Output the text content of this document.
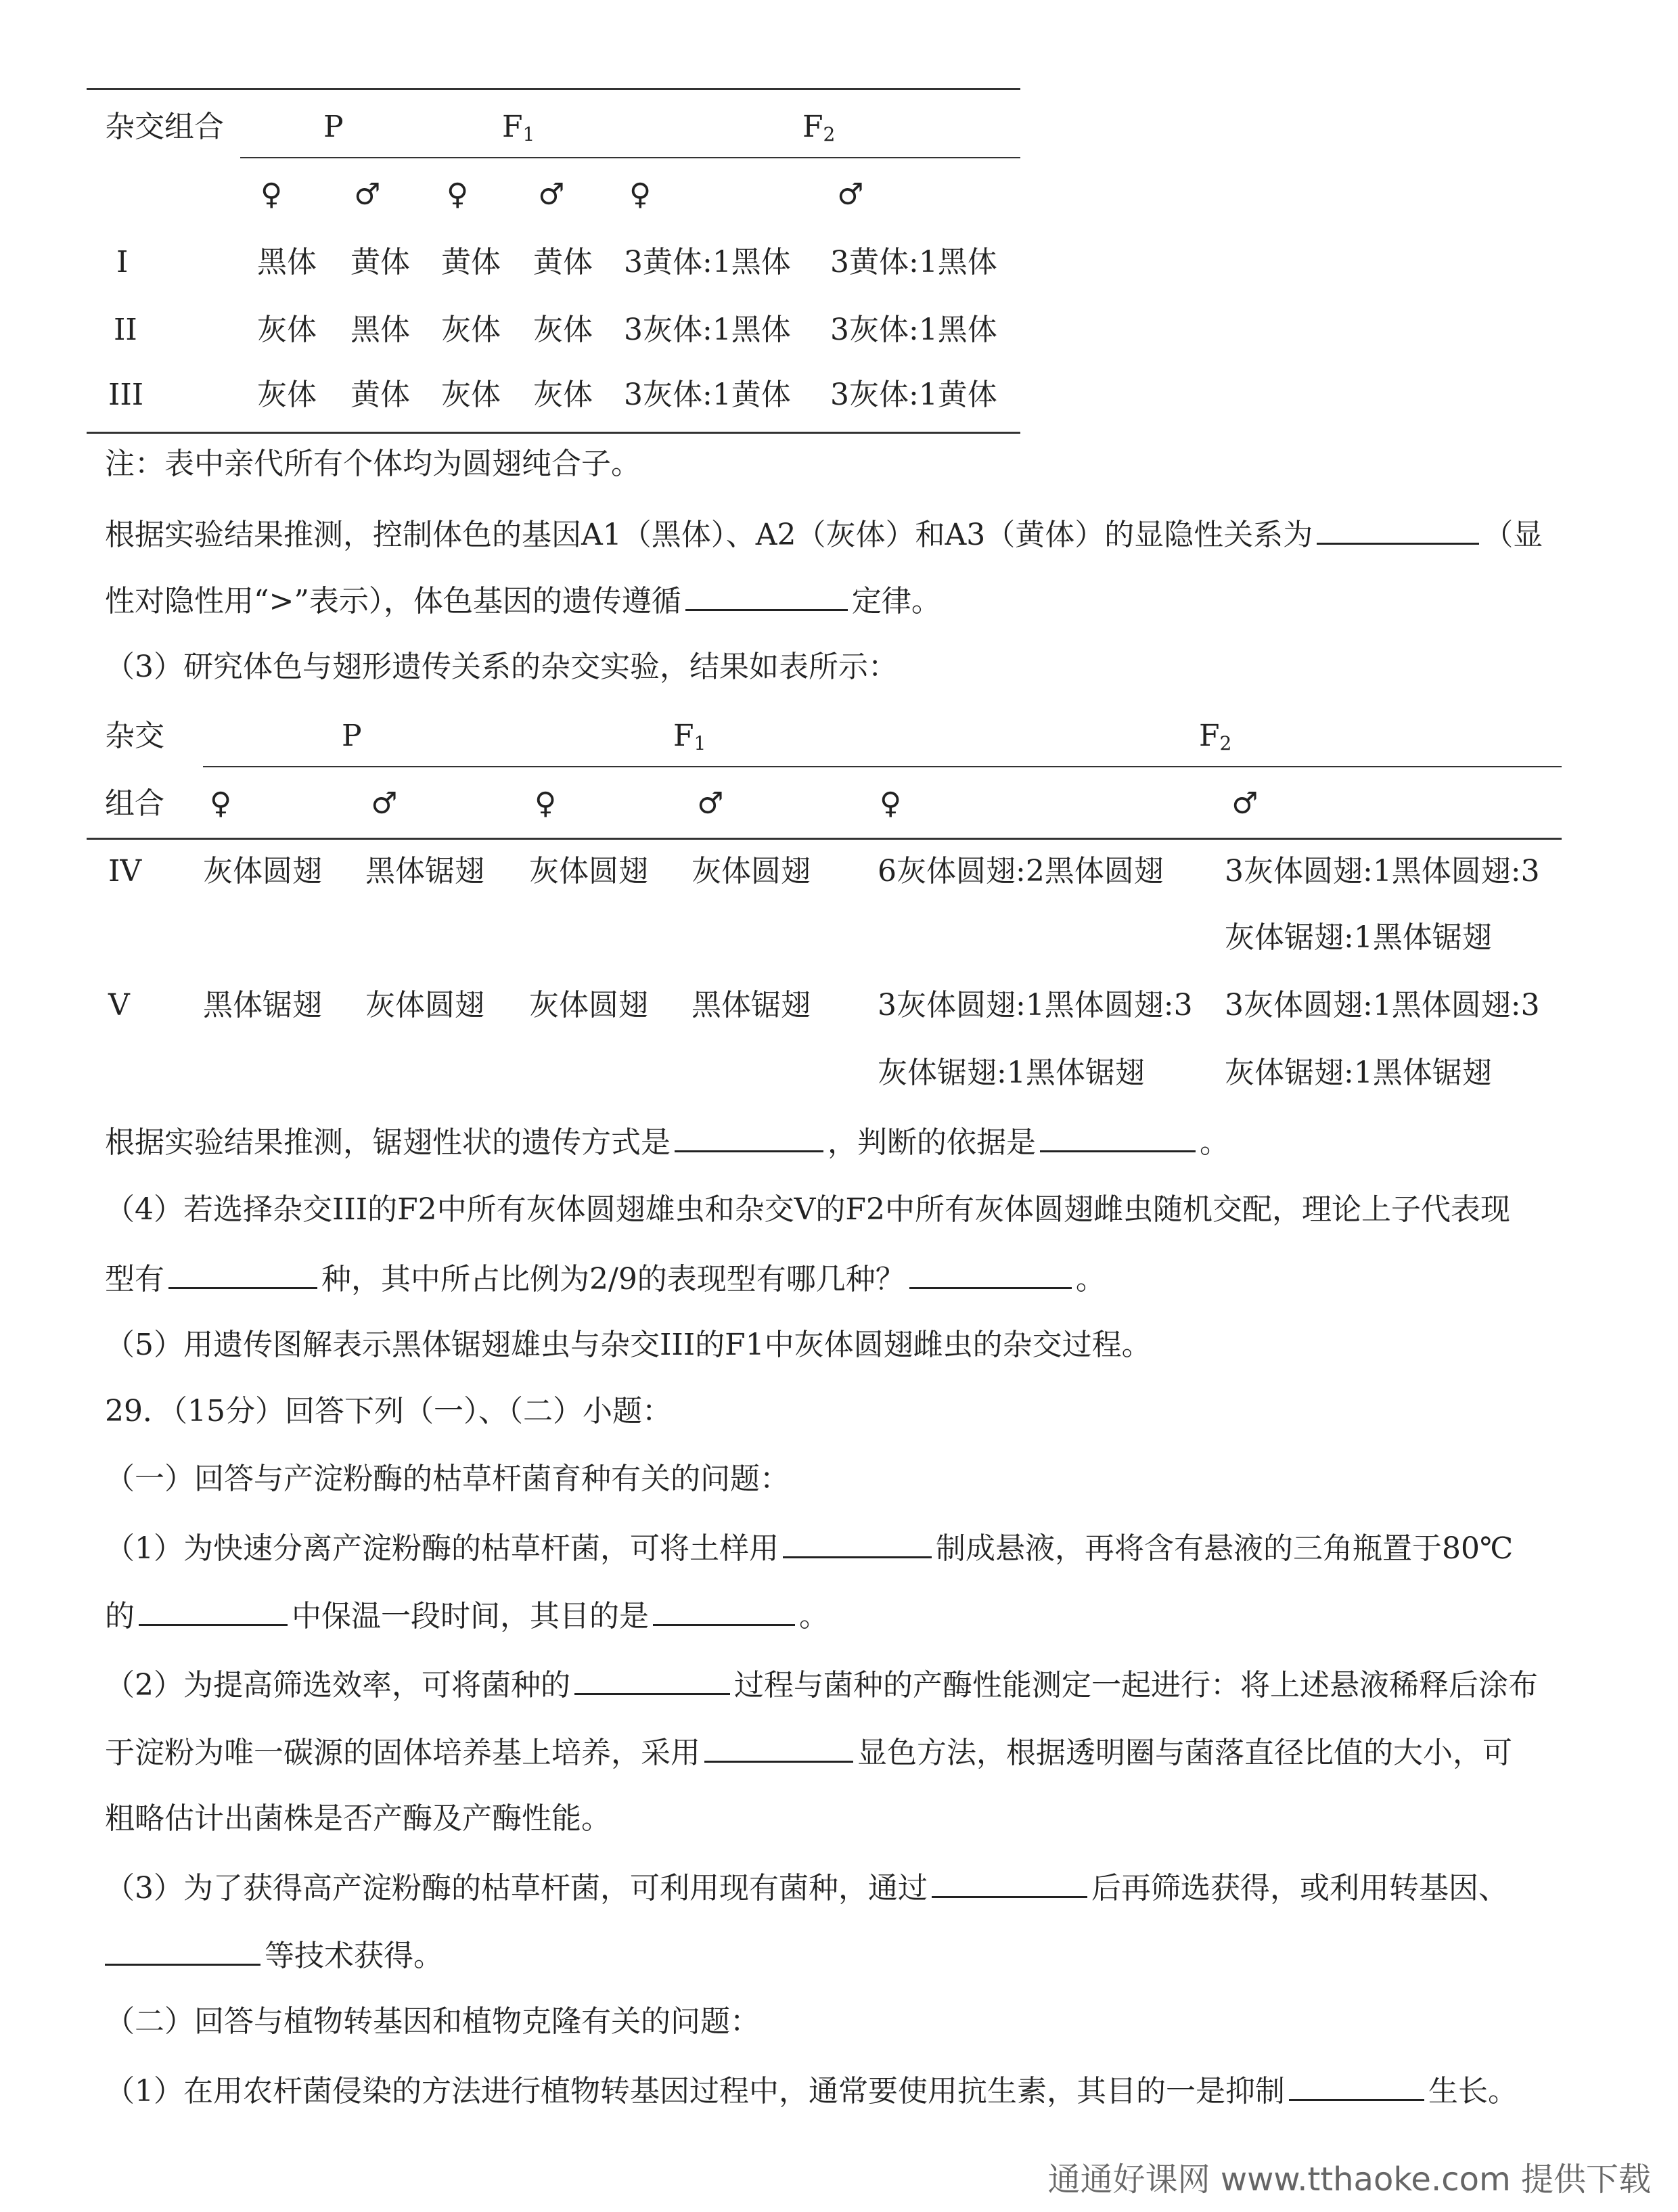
杂交组合	P	$F_1$	$F_2$
♀ ♂ ♀ ♂ ♀	♂
I	黑体 黄体 黄体 黄体 3黄体:1黑体 3黄体:1黑体
II	灰体 黑体 灰体 灰体 3灰体:1黑体 3灰体:1黑体
III	灰体 黄体 灰体 灰体 3灰体:1黄体 3灰体:1黄体
注：表中亲代所有个体均为圆翅纯合子。
根据实验结果推测，控制体色的基因A1（黑体）、A2（灰体）和A3（黄体）的显隐性关系为	（显
性对隐性用“>”表示），体色基因的遗传遵循	定律。
（3）研究体色与翅形遗传关系的杂交实验，结果如表所示：
杂交	P	$F_1$	$F_2$
组合 ♀	♂	♀	♂	♀	♂
IV 灰体圆翅 黑体锯翅 灰体圆翅 灰体圆翅 6灰体圆翅:2黑体圆翅 3灰体圆翅:1黑体圆翅:3
灰体锯翅:1黑体锯翅
V 黑体锯翅 灰体圆翅 灰体圆翅 黑体锯翅 3灰体圆翅:1黑体圆翅:3
灰体锯翅:1黑体锯翅
3灰体圆翅:1黑体圆翅:3
灰体锯翅:1黑体锯翅
根据实验结果推测，锯翅性状的遗传方式是	，判断的依据是	。
（4）若选择杂交III的F2中所有灰体圆翅雄虫和杂交V的F2中所有灰体圆翅雌虫随机交配，理论上子代表现
型有	种，其中所占比例为2/9的表现型有哪几种？	。
（5）用遗传图解表示黑体锯翅雄虫与杂交III的F1中灰体圆翅雌虫的杂交过程。
29．（15分）回答下列（一）、（二）小题：
（一）回答与产淀粉酶的枯草杆菌育种有关的问题：
（1）为快速分离产淀粉酶的枯草杆菌，可将土样用	制成悬液，再将含有悬液的三角瓶置于80℃
的	中保温一段时间，其目的是	。
（2）为提高筛选效率，可将菌种的	过程与菌种的产酶性能测定一起进行：将上述悬液稀释后涂布
于淀粉为唯一碳源的固体培养基上培养，采用	显色方法，根据透明圈与菌落直径比值的大小，可
粗略估计出菌株是否产酶及产酶性能。
（3）为了获得高产淀粉酶的枯草杆菌，可利用现有菌种，通过	后再筛选获得，或利用转基因、
等技术获得。
（二）回答与植物转基因和植物克隆有关的问题：
（1）在用农杆菌侵染的方法进行植物转基因过程中，通常要使用抗生素，其目的一是抑制	生长。
通通好课网 www.tthaoke.com 提供下载
